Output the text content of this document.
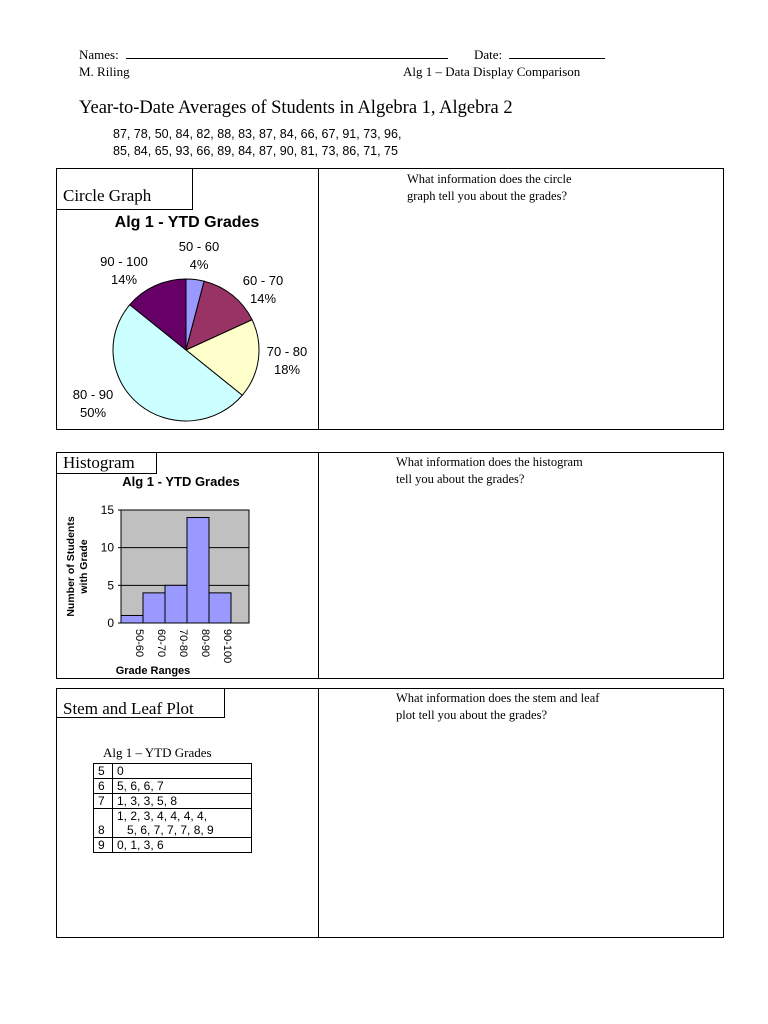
Names:	Date:
M. Riling	Alg 1 – Data Display Comparison
Year-to-Date Averages of Students in Algebra 1, Algebra 2
87, 78, 50, 84, 82, 88, 83, 87, 84, 66, 67, 91, 73, 96,
85, 84, 65, 93, 66, 89, 84, 87, 90, 81, 73, 86, 71, 75
Circle Graph
What information does the circle
graph tell you about the grades?
Alg 1 - YTD Grades
50 - 60
4%
60 - 70
14%
70 - 80
18%
80 - 90
50%
90 - 100
14%
Histogram	What information does the histogram
tell you about the grades?
Alg 1 - YTD Grades
0
5
10
15
50-60 60-70 70-80 80-90 90-100
Grade Ranges
Number of Students with Grade
Stem and Leaf Plot
What information does the stem and leaf
plot tell you about the grades?
Alg 1 – YTD Grades
5	0

6	5, 6, 6, 7

7	1, 3, 3, 5, 8

8	1, 2, 3, 4, 4, 4, 4,
5, 6, 7, 7, 7, 8, 9

9	0, 1, 3, 6
